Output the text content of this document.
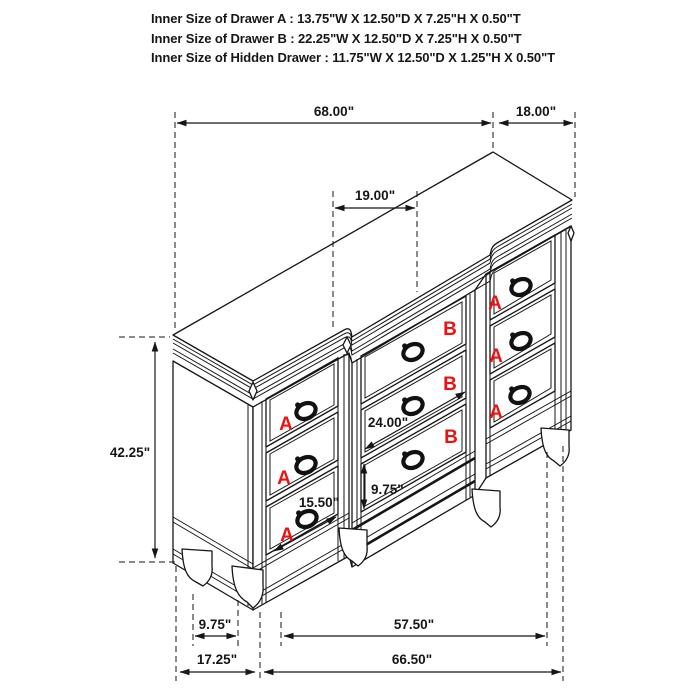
Inner Size of Drawer A : 13.75"W X 12.50"D X 7.25"H X 0.50"T
Inner Size of Drawer B : 22.25"W X 12.50"D X 7.25"H X 0.50"T
Inner Size of Hidden Drawer : 11.75"W X 12.50"D X 1.25"H X 0.50"T
A
A
A
B
B
B
A
A
A
68.00"	18.00"
19.00"
42.25"
24.00"
15.50"
9.75"
9.75"	57.50"
17.25"	66.50"
